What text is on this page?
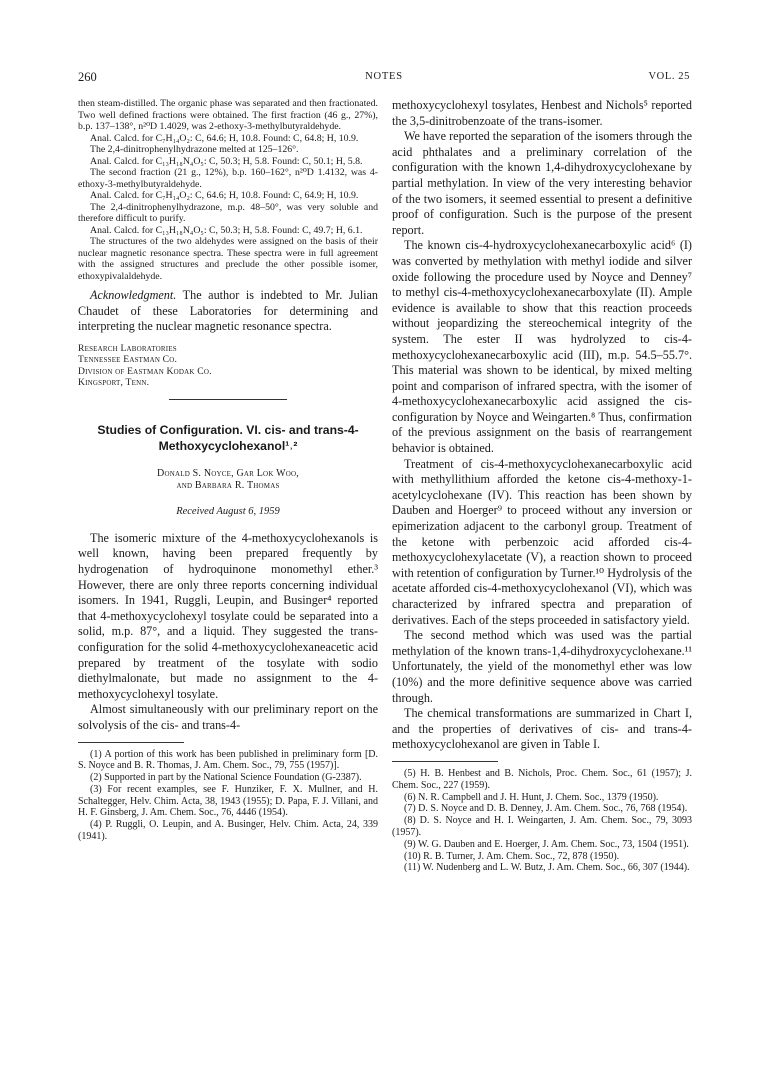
260	NOTES	VOL. 25

then steam-distilled. The organic phase was separated and then fractionated. Two well defined fractions were obtained. The first fraction (46 g., 27%), b.p. 137–138°, n²⁰D 1.4029, was 2-ethoxy-3-methylbutyraldehyde.

Anal. Calcd. for C₇H₁₄O₂: C, 64.6; H, 10.8. Found: C, 64.8; H, 10.9.

The 2,4-dinitrophenylhydrazone melted at 125–126°.

Anal. Calcd. for C₁₃H₁₈N₄O₅: C, 50.3; H, 5.8. Found: C, 50.1; H, 5.8.

The second fraction (21 g., 12%), b.p. 160–162°, n²⁰D 1.4132, was 4-ethoxy-3-methylbutyraldehyde.

Anal. Calcd. for C₇H₁₄O₂: C, 64.6; H, 10.8. Found: C, 64.9; H, 10.9.

The 2,4-dinitrophenylhydrazone, m.p. 48–50°, was very soluble and therefore difficult to purify.

Anal. Calcd. for C₁₃H₁₈N₄O₅: C, 50.3; H, 5.8. Found: C, 49.7; H, 6.1.

The structures of the two aldehydes were assigned on the basis of their nuclear magnetic resonance spectra. These spectra were in full agreement with the assigned structures and preclude the other possible isomer, ethoxypivalaldehyde.

Acknowledgment. The author is indebted to Mr. Julian Chaudet of these Laboratories for determining and interpreting the nuclear magnetic resonance spectra.

Research Laboratories
Tennessee Eastman Co.
Division of Eastman Kodak Co.
Kingsport, Tenn.
Studies of Configuration. VI. cis- and trans-4-Methoxycyclohexanol¹˒²
Donald S. Noyce, Gar Lok Woo,
and Barbara R. Thomas
Received August 6, 1959

The isomeric mixture of the 4-methoxycyclohexanols is well known, having been prepared frequently by hydrogenation of hydroquinone monomethyl ether.³ However, there are only three reports concerning individual isomers. In 1941, Ruggli, Leupin, and Businger⁴ reported that 4-methoxycyclohexyl tosylate could be separated into a solid, m.p. 87°, and a liquid. They suggested the trans-configuration for the solid 4-methoxycyclohexaneacetic acid prepared by treatment of the tosylate with sodio diethylmalonate, but made no assignment to the 4-methoxycyclohexyl tosylate.

Almost simultaneously with our preliminary report on the solvolysis of the cis- and trans-4-

(1) A portion of this work has been published in preliminary form [D. S. Noyce and B. R. Thomas, J. Am. Chem. Soc., 79, 755 (1957)].

(2) Supported in part by the National Science Foundation (G-2387).

(3) For recent examples, see F. Hunziker, F. X. Mullner, and H. Schaltegger, Helv. Chim. Acta, 38, 1943 (1955); D. Papa, F. J. Villani, and H. F. Ginsberg, J. Am. Chem. Soc., 76, 4446 (1954).

(4) P. Ruggli, O. Leupin, and A. Businger, Helv. Chim. Acta, 24, 339 (1941).

methoxycyclohexyl tosylates, Henbest and Nichols⁵ reported the 3,5-dinitrobenzoate of the trans-isomer.

We have reported the separation of the isomers through the acid phthalates and a preliminary correlation of the configuration with the known 1,4-dihydroxycyclohexane by partial methylation. In view of the very interesting behavior of the two isomers, it seemed essential to present a definitive proof of configuration. Such is the purpose of the present report.

The known cis-4-hydroxycyclohexanecarboxylic acid⁶ (I) was converted by methylation with methyl iodide and silver oxide following the procedure used by Noyce and Denney⁷ to methyl cis-4-methoxycyclohexanecarboxylate (II). Ample evidence is available to show that this reaction proceeds without jeopardizing the stereochemical integrity of the system. The ester II was hydrolyzed to cis-4-methoxycyclohexanecarboxylic acid (III), m.p. 54.5–55.7°. This material was shown to be identical, by mixed melting point and comparison of infrared spectra, with the isomer of 4-methoxycyclohexanecarboxylic acid assigned the cis-configuration by Noyce and Weingarten.⁸ Thus, confirmation of the previous assignment on the basis of rearrangement behavior is obtained.

Treatment of cis-4-methoxycyclohexanecarboxylic acid with methyllithium afforded the ketone cis-4-methoxy-1-acetylcyclohexane (IV). This reaction has been shown by Dauben and Hoerger⁹ to proceed without any inversion or epimerization adjacent to the carbonyl group. Treatment of the ketone with perbenzoic acid afforded cis-4-methoxycyclohexylacetate (V), a reaction shown to proceed with retention of configuration by Turner.¹⁰ Hydrolysis of the acetate afforded cis-4-methoxycyclohexanol (VI), which was characterized by infrared spectra and preparation of derivatives. Each of the steps proceeded in satisfactory yield.

The second method which was used was the partial methylation of the known trans-1,4-dihydroxycyclohexane.¹¹ Unfortunately, the yield of the monomethyl ether was low (10%) and the more definitive sequence above was carried through.

The chemical transformations are summarized in Chart I, and the properties of derivatives of cis- and trans-4-methoxycyclohexanol are given in Table I.

(5) H. B. Henbest and B. Nichols, Proc. Chem. Soc., 61 (1957); J. Chem. Soc., 227 (1959).

(6) N. R. Campbell and J. H. Hunt, J. Chem. Soc., 1379 (1950).

(7) D. S. Noyce and D. B. Denney, J. Am. Chem. Soc., 76, 768 (1954).

(8) D. S. Noyce and H. I. Weingarten, J. Am. Chem. Soc., 79, 3093 (1957).

(9) W. G. Dauben and E. Hoerger, J. Am. Chem. Soc., 73, 1504 (1951).

(10) R. B. Turner, J. Am. Chem. Soc., 72, 878 (1950).

(11) W. Nudenberg and L. W. Butz, J. Am. Chem. Soc., 66, 307 (1944).
